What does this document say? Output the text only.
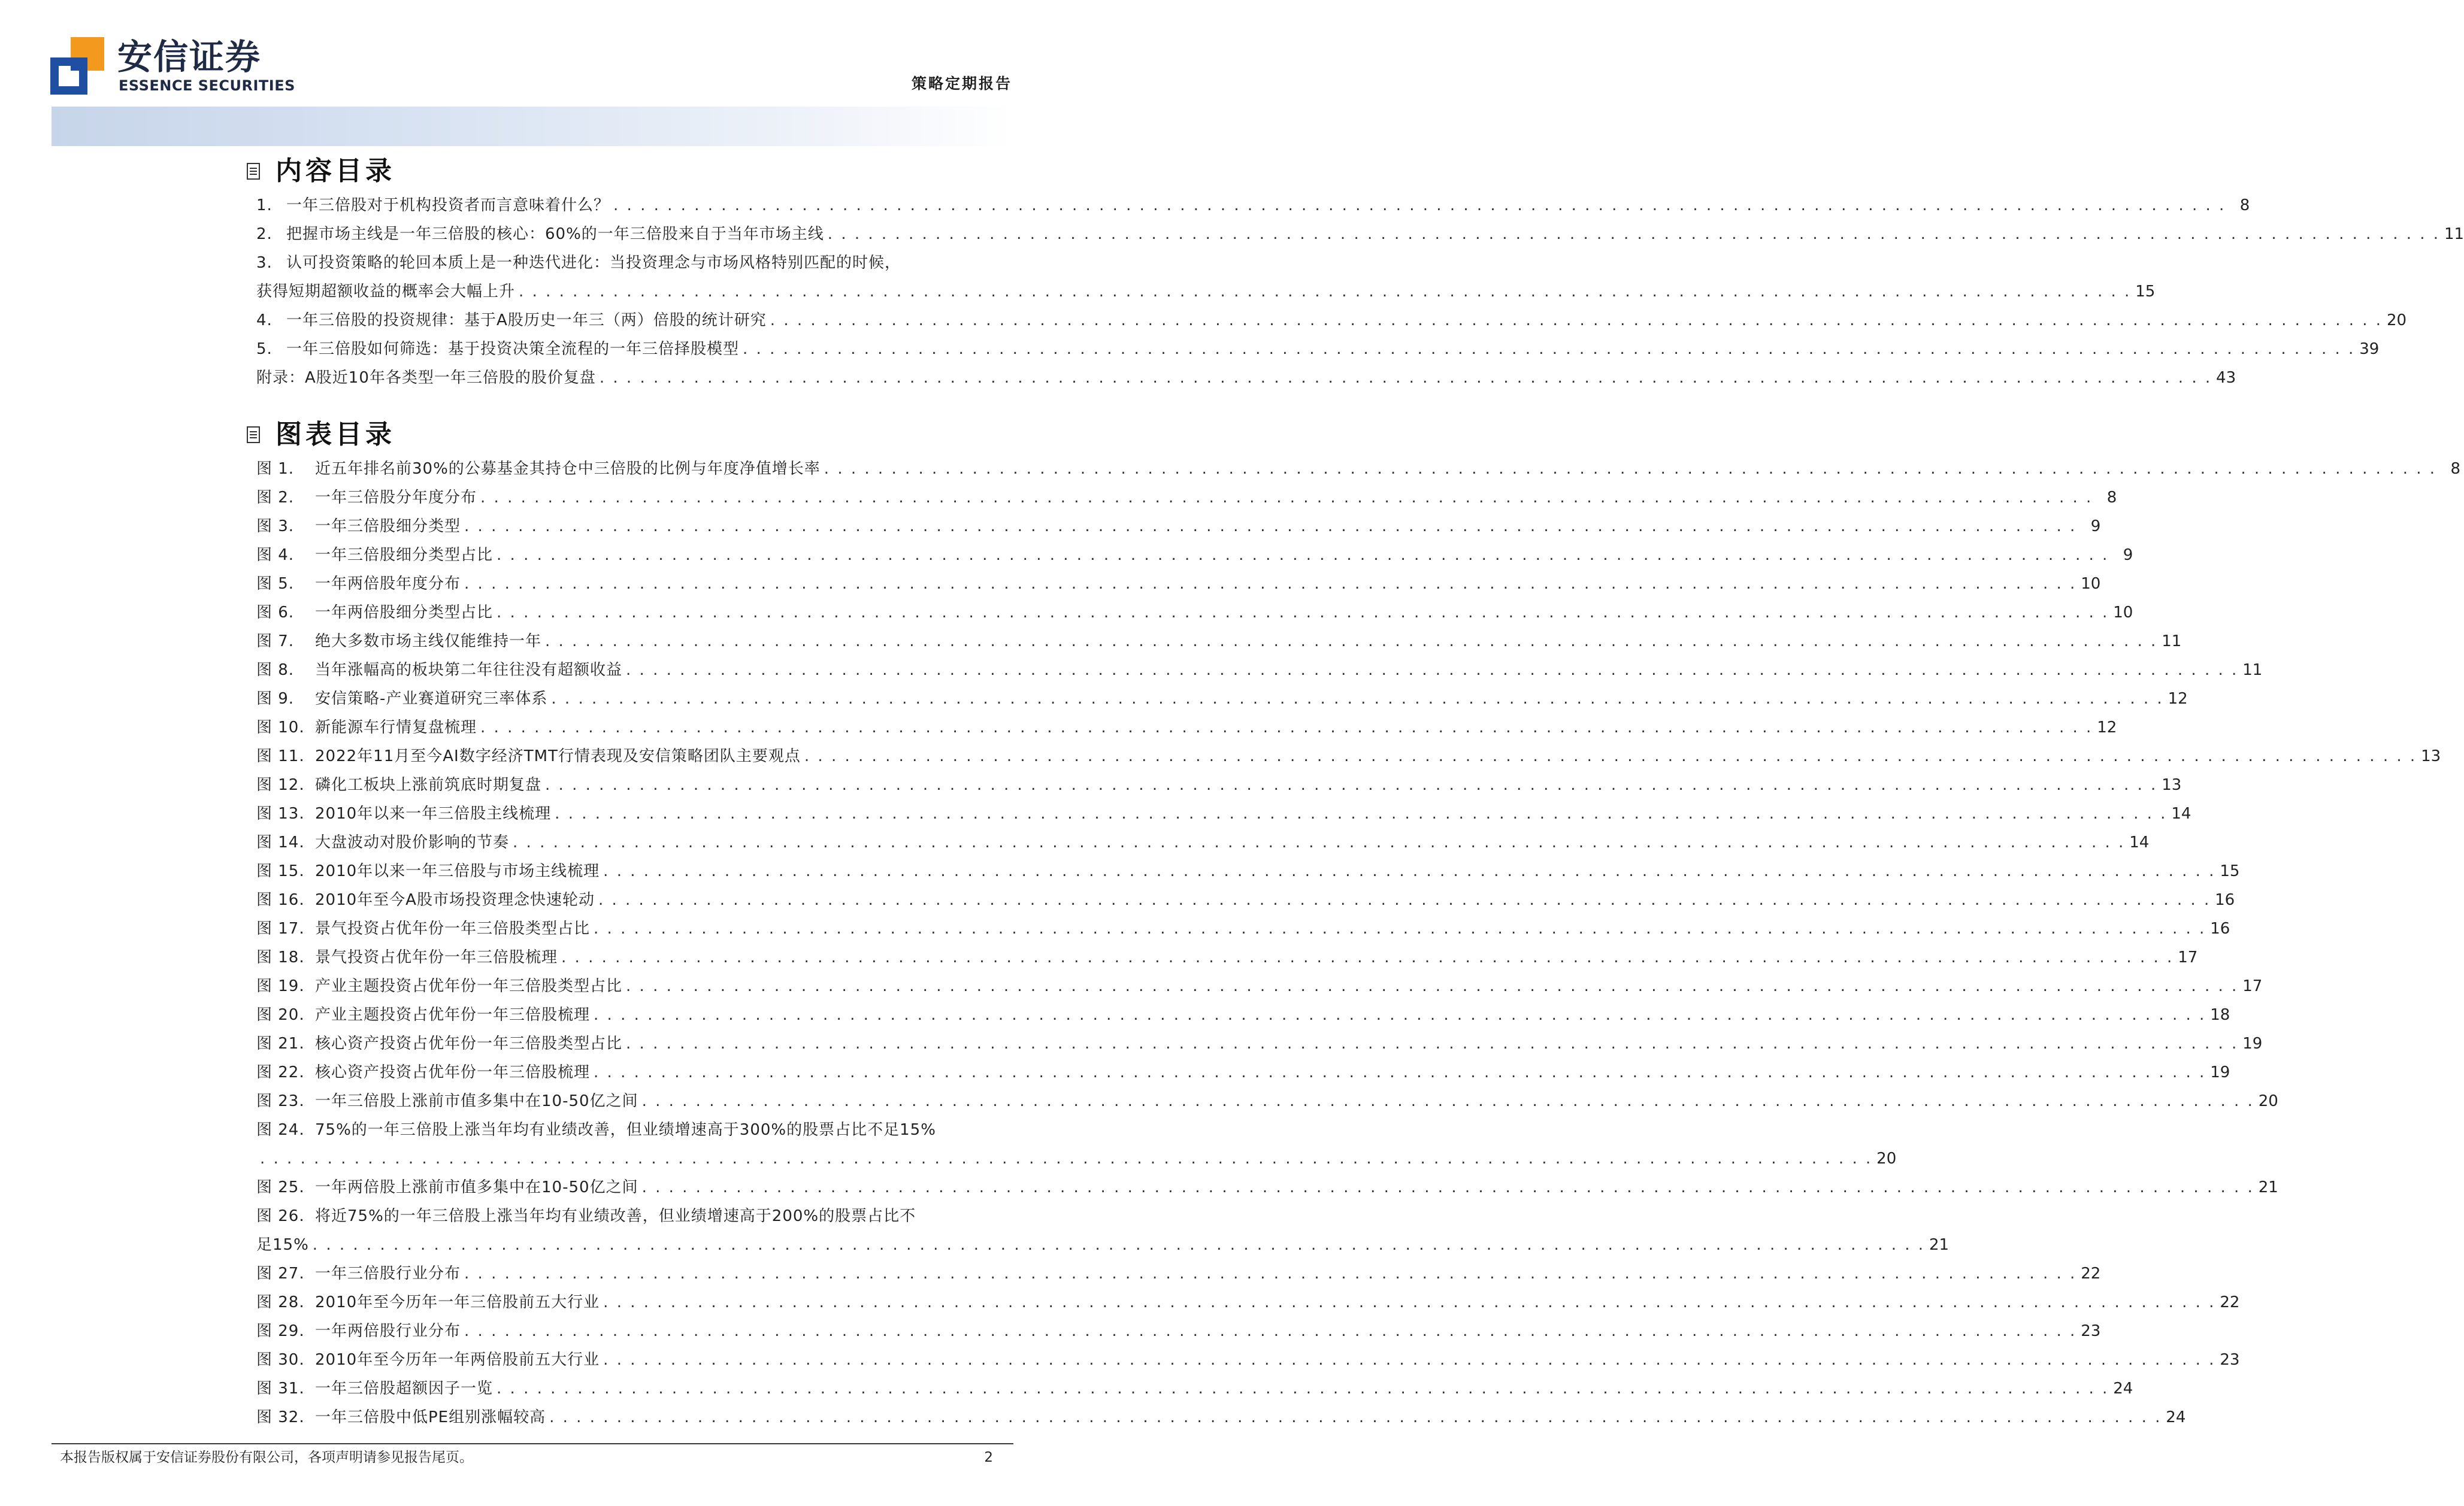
安信证券
ESSENCE SECURITIES	策略定期报告
内容目录
1. 一年三倍股对于机构投资者而言意味着什么？ . . . . . . . . . . . . . . . . . . . . . . . . . . . . . . . . . . . . . . . . . . . . . . . . . . . . . . . . . . . . . . . . . . . . . . . . . . . . . . . . . . . . . . . . . . . . . . . . . . . . . . . . . . . . . . . . . . . . . . . . 8
2. 把握市场主线是一年三倍股的核心：60%的一年三倍股来自于当年市场主线 . . . . . . . . . . . . . . . . . . . . . . . . . . . . . . . . . . . . . . . . . . . . . . . . . . . . . . . . . . . . . . . . . . . . . . . . . . . . . . . . . . . . . . . . . . . . . . . . . . . . . . . . . . . . . . . . . . . . . . . . 11
3. 认可投资策略的轮回本质上是一种迭代进化：当投资理念与市场风格特别匹配的时候，
获得短期超额收益的概率会大幅上升 . . . . . . . . . . . . . . . . . . . . . . . . . . . . . . . . . . . . . . . . . . . . . . . . . . . . . . . . . . . . . . . . . . . . . . . . . . . . . . . . . . . . . . . . . . . . . . . . . . . . . . . . . . . . . . . . . . . . . . . . 15
4. 一年三倍股的投资规律：基于A股历史一年三（两）倍股的统计研究 . . . . . . . . . . . . . . . . . . . . . . . . . . . . . . . . . . . . . . . . . . . . . . . . . . . . . . . . . . . . . . . . . . . . . . . . . . . . . . . . . . . . . . . . . . . . . . . . . . . . . . . . . . . . . . . . . . . . . . . . 20
5. 一年三倍股如何筛选：基于投资决策全流程的一年三倍择股模型 . . . . . . . . . . . . . . . . . . . . . . . . . . . . . . . . . . . . . . . . . . . . . . . . . . . . . . . . . . . . . . . . . . . . . . . . . . . . . . . . . . . . . . . . . . . . . . . . . . . . . . . . . . . . . . . . . . . . . . . . 39
附录：A股近10年各类型一年三倍股的股价复盘 . . . . . . . . . . . . . . . . . . . . . . . . . . . . . . . . . . . . . . . . . . . . . . . . . . . . . . . . . . . . . . . . . . . . . . . . . . . . . . . . . . . . . . . . . . . . . . . . . . . . . . . . . . . . . . . . . . . . . . . . 43
图表目录
图 1.	近五年排名前30%的公募基金其持仓中三倍股的比例与年度净值增长率 . . . . . . . . . . . . . . . . . . . . . . . . . . . . . . . . . . . . . . . . . . . . . . . . . . . . . . . . . . . . . . . . . . . . . . . . . . . . . . . . . . . . . . . . . . . . . . . . . . . . . . . . . . . . . . . . . . . . . . . . 8
图 2.	一年三倍股分年度分布 . . . . . . . . . . . . . . . . . . . . . . . . . . . . . . . . . . . . . . . . . . . . . . . . . . . . . . . . . . . . . . . . . . . . . . . . . . . . . . . . . . . . . . . . . . . . . . . . . . . . . . . . . . . . . . . . . . . . . . . . 8
图 3.	一年三倍股细分类型 . . . . . . . . . . . . . . . . . . . . . . . . . . . . . . . . . . . . . . . . . . . . . . . . . . . . . . . . . . . . . . . . . . . . . . . . . . . . . . . . . . . . . . . . . . . . . . . . . . . . . . . . . . . . . . . . . . . . . . . . 9
图 4.	一年三倍股细分类型占比 . . . . . . . . . . . . . . . . . . . . . . . . . . . . . . . . . . . . . . . . . . . . . . . . . . . . . . . . . . . . . . . . . . . . . . . . . . . . . . . . . . . . . . . . . . . . . . . . . . . . . . . . . . . . . . . . . . . . . . . . 9
图 5.	一年两倍股年度分布 . . . . . . . . . . . . . . . . . . . . . . . . . . . . . . . . . . . . . . . . . . . . . . . . . . . . . . . . . . . . . . . . . . . . . . . . . . . . . . . . . . . . . . . . . . . . . . . . . . . . . . . . . . . . . . . . . . . . . . . . 10
图 6.	一年两倍股细分类型占比 . . . . . . . . . . . . . . . . . . . . . . . . . . . . . . . . . . . . . . . . . . . . . . . . . . . . . . . . . . . . . . . . . . . . . . . . . . . . . . . . . . . . . . . . . . . . . . . . . . . . . . . . . . . . . . . . . . . . . . . . 10
图 7.	绝大多数市场主线仅能维持一年 . . . . . . . . . . . . . . . . . . . . . . . . . . . . . . . . . . . . . . . . . . . . . . . . . . . . . . . . . . . . . . . . . . . . . . . . . . . . . . . . . . . . . . . . . . . . . . . . . . . . . . . . . . . . . . . . . . . . . . . . 11
图 8.	当年涨幅高的板块第二年往往没有超额收益 . . . . . . . . . . . . . . . . . . . . . . . . . . . . . . . . . . . . . . . . . . . . . . . . . . . . . . . . . . . . . . . . . . . . . . . . . . . . . . . . . . . . . . . . . . . . . . . . . . . . . . . . . . . . . . . . . . . . . . . . 11
图 9.	安信策略-产业赛道研究三率体系 . . . . . . . . . . . . . . . . . . . . . . . . . . . . . . . . . . . . . . . . . . . . . . . . . . . . . . . . . . . . . . . . . . . . . . . . . . . . . . . . . . . . . . . . . . . . . . . . . . . . . . . . . . . . . . . . . . . . . . . . 12
图 10. 新能源车行情复盘梳理 . . . . . . . . . . . . . . . . . . . . . . . . . . . . . . . . . . . . . . . . . . . . . . . . . . . . . . . . . . . . . . . . . . . . . . . . . . . . . . . . . . . . . . . . . . . . . . . . . . . . . . . . . . . . . . . . . . . . . . . . 12
图 11. 2022年11月至今AI数字经济TMT行情表现及安信策略团队主要观点 . . . . . . . . . . . . . . . . . . . . . . . . . . . . . . . . . . . . . . . . . . . . . . . . . . . . . . . . . . . . . . . . . . . . . . . . . . . . . . . . . . . . . . . . . . . . . . . . . . . . . . . . . . . . . . . . . . . . . . . . 13
图 12. 磷化工板块上涨前筑底时期复盘 . . . . . . . . . . . . . . . . . . . . . . . . . . . . . . . . . . . . . . . . . . . . . . . . . . . . . . . . . . . . . . . . . . . . . . . . . . . . . . . . . . . . . . . . . . . . . . . . . . . . . . . . . . . . . . . . . . . . . . . . 13
图 13. 2010年以来一年三倍股主线梳理 . . . . . . . . . . . . . . . . . . . . . . . . . . . . . . . . . . . . . . . . . . . . . . . . . . . . . . . . . . . . . . . . . . . . . . . . . . . . . . . . . . . . . . . . . . . . . . . . . . . . . . . . . . . . . . . . . . . . . . . . 14
图 14. 大盘波动对股价影响的节奏 . . . . . . . . . . . . . . . . . . . . . . . . . . . . . . . . . . . . . . . . . . . . . . . . . . . . . . . . . . . . . . . . . . . . . . . . . . . . . . . . . . . . . . . . . . . . . . . . . . . . . . . . . . . . . . . . . . . . . . . . 14
图 15. 2010年以来一年三倍股与市场主线梳理 . . . . . . . . . . . . . . . . . . . . . . . . . . . . . . . . . . . . . . . . . . . . . . . . . . . . . . . . . . . . . . . . . . . . . . . . . . . . . . . . . . . . . . . . . . . . . . . . . . . . . . . . . . . . . . . . . . . . . . . . 15
图 16. 2010年至今A股市场投资理念快速轮动 . . . . . . . . . . . . . . . . . . . . . . . . . . . . . . . . . . . . . . . . . . . . . . . . . . . . . . . . . . . . . . . . . . . . . . . . . . . . . . . . . . . . . . . . . . . . . . . . . . . . . . . . . . . . . . . . . . . . . . . . 16
图 17. 景气投资占优年份一年三倍股类型占比 . . . . . . . . . . . . . . . . . . . . . . . . . . . . . . . . . . . . . . . . . . . . . . . . . . . . . . . . . . . . . . . . . . . . . . . . . . . . . . . . . . . . . . . . . . . . . . . . . . . . . . . . . . . . . . . . . . . . . . . . 16
图 18. 景气投资占优年份一年三倍股梳理 . . . . . . . . . . . . . . . . . . . . . . . . . . . . . . . . . . . . . . . . . . . . . . . . . . . . . . . . . . . . . . . . . . . . . . . . . . . . . . . . . . . . . . . . . . . . . . . . . . . . . . . . . . . . . . . . . . . . . . . . 17
图 19. 产业主题投资占优年份一年三倍股类型占比 . . . . . . . . . . . . . . . . . . . . . . . . . . . . . . . . . . . . . . . . . . . . . . . . . . . . . . . . . . . . . . . . . . . . . . . . . . . . . . . . . . . . . . . . . . . . . . . . . . . . . . . . . . . . . . . . . . . . . . . . 17
图 20. 产业主题投资占优年份一年三倍股梳理 . . . . . . . . . . . . . . . . . . . . . . . . . . . . . . . . . . . . . . . . . . . . . . . . . . . . . . . . . . . . . . . . . . . . . . . . . . . . . . . . . . . . . . . . . . . . . . . . . . . . . . . . . . . . . . . . . . . . . . . . 18
图 21. 核心资产投资占优年份一年三倍股类型占比 . . . . . . . . . . . . . . . . . . . . . . . . . . . . . . . . . . . . . . . . . . . . . . . . . . . . . . . . . . . . . . . . . . . . . . . . . . . . . . . . . . . . . . . . . . . . . . . . . . . . . . . . . . . . . . . . . . . . . . . . 19
图 22. 核心资产投资占优年份一年三倍股梳理 . . . . . . . . . . . . . . . . . . . . . . . . . . . . . . . . . . . . . . . . . . . . . . . . . . . . . . . . . . . . . . . . . . . . . . . . . . . . . . . . . . . . . . . . . . . . . . . . . . . . . . . . . . . . . . . . . . . . . . . . 19
图 23. 一年三倍股上涨前市值多集中在10-50亿之间 . . . . . . . . . . . . . . . . . . . . . . . . . . . . . . . . . . . . . . . . . . . . . . . . . . . . . . . . . . . . . . . . . . . . . . . . . . . . . . . . . . . . . . . . . . . . . . . . . . . . . . . . . . . . . . . . . . . . . . . . 20
图 24. 75%的一年三倍股上涨当年均有业绩改善，但业绩增速高于300%的股票占比不足15%
. . . . . . . . . . . . . . . . . . . . . . . . . . . . . . . . . . . . . . . . . . . . . . . . . . . . . . . . . . . . . . . . . . . . . . . . . . . . . . . . . . . . . . . . . . . . . . . . . . . . . . . . . . . . . . . . . . . . . . . . 20
图 25. 一年两倍股上涨前市值多集中在10-50亿之间 . . . . . . . . . . . . . . . . . . . . . . . . . . . . . . . . . . . . . . . . . . . . . . . . . . . . . . . . . . . . . . . . . . . . . . . . . . . . . . . . . . . . . . . . . . . . . . . . . . . . . . . . . . . . . . . . . . . . . . . . 21
图 26. 将近75%的一年三倍股上涨当年均有业绩改善，但业绩增速高于200%的股票占比不
足15% . . . . . . . . . . . . . . . . . . . . . . . . . . . . . . . . . . . . . . . . . . . . . . . . . . . . . . . . . . . . . . . . . . . . . . . . . . . . . . . . . . . . . . . . . . . . . . . . . . . . . . . . . . . . . . . . . . . . . . . . 21
图 27. 一年三倍股行业分布 . . . . . . . . . . . . . . . . . . . . . . . . . . . . . . . . . . . . . . . . . . . . . . . . . . . . . . . . . . . . . . . . . . . . . . . . . . . . . . . . . . . . . . . . . . . . . . . . . . . . . . . . . . . . . . . . . . . . . . . . 22
图 28. 2010年至今历年一年三倍股前五大行业 . . . . . . . . . . . . . . . . . . . . . . . . . . . . . . . . . . . . . . . . . . . . . . . . . . . . . . . . . . . . . . . . . . . . . . . . . . . . . . . . . . . . . . . . . . . . . . . . . . . . . . . . . . . . . . . . . . . . . . . . 22
图 29. 一年两倍股行业分布 . . . . . . . . . . . . . . . . . . . . . . . . . . . . . . . . . . . . . . . . . . . . . . . . . . . . . . . . . . . . . . . . . . . . . . . . . . . . . . . . . . . . . . . . . . . . . . . . . . . . . . . . . . . . . . . . . . . . . . . . 23
图 30. 2010年至今历年一年两倍股前五大行业 . . . . . . . . . . . . . . . . . . . . . . . . . . . . . . . . . . . . . . . . . . . . . . . . . . . . . . . . . . . . . . . . . . . . . . . . . . . . . . . . . . . . . . . . . . . . . . . . . . . . . . . . . . . . . . . . . . . . . . . . 23
图 31. 一年三倍股超额因子一览 . . . . . . . . . . . . . . . . . . . . . . . . . . . . . . . . . . . . . . . . . . . . . . . . . . . . . . . . . . . . . . . . . . . . . . . . . . . . . . . . . . . . . . . . . . . . . . . . . . . . . . . . . . . . . . . . . . . . . . . . 24
图 32. 一年三倍股中低PE组别涨幅较高 . . . . . . . . . . . . . . . . . . . . . . . . . . . . . . . . . . . . . . . . . . . . . . . . . . . . . . . . . . . . . . . . . . . . . . . . . . . . . . . . . . . . . . . . . . . . . . . . . . . . . . . . . . . . . . . . . . . . . . . . 24
本报告版权属于安信证券股份有限公司，各项声明请参见报告尾页。	2
